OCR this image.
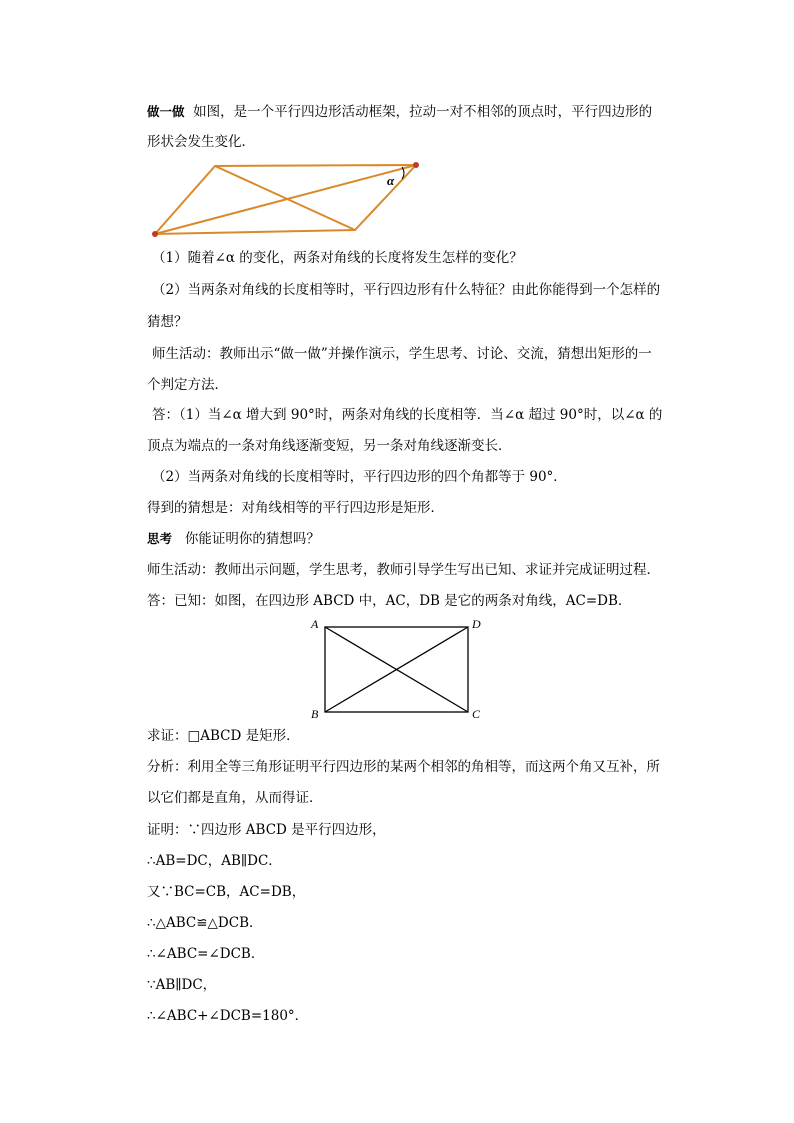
做一做 如图，是一个平行四边形活动框架，拉动一对不相邻的顶点时，平行四边形的
形状会发生变化．
α
（1）随着∠α 的变化，两条对角线的长度将发生怎样的变化？
（2）当两条对角线的长度相等时，平行四边形有什么特征？由此你能得到一个怎样的
猜想？
师生活动：教师出示“做一做”并操作演示，学生思考、讨论、交流，猜想出矩形的一
个判定方法．
答：（1）当∠α 增大到 90°时，两条对角线的长度相等．当∠α 超过 90°时，以∠α 的
顶点为端点的一条对角线逐渐变短，另一条对角线逐渐变长．
（2）当两条对角线的长度相等时，平行四边形的四个角都等于 90°．
得到的猜想是：对角线相等的平行四边形是矩形．
思考 你能证明你的猜想吗？
师生活动：教师出示问题，学生思考，教师引导学生写出已知、求证并完成证明过程．
答：已知：如图，在四边形 ABCD 中，AC，DB 是它的两条对角线，AC=DB．
A	D
B	C
求证：□ABCD 是矩形．
分析：利用全等三角形证明平行四边形的某两个相邻的角相等，而这两个角又互补，所
以它们都是直角，从而得证．
证明：∵四边形 ABCD 是平行四边形，
∴AB=DC，AB∥DC．
又∵BC=CB，AC=DB，
∴△ABC≌△DCB．
∴∠ABC=∠DCB．
∵AB∥DC，
∴∠ABC+∠DCB=180°．
